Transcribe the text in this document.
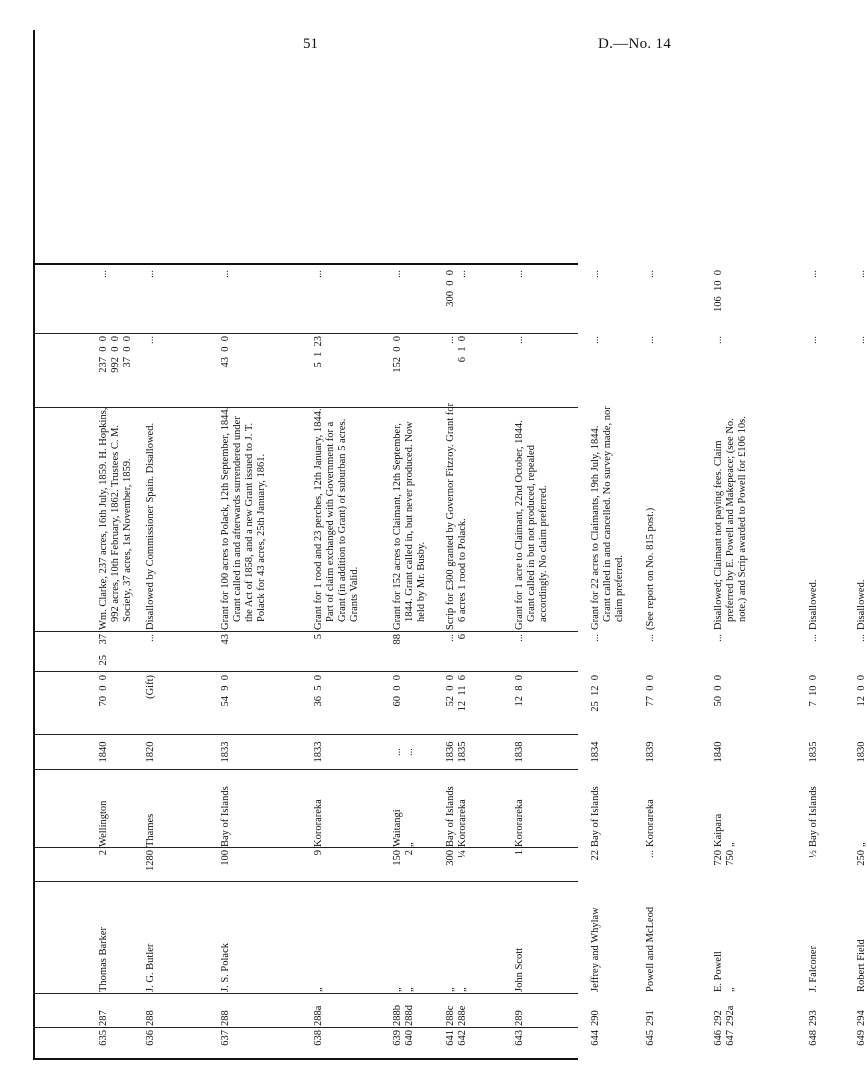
51	D.—No. 14
635
287
Thomas Barker
2
Wellington
1840
70  0  0
25    37
Wm. Clarke, 237 acres, 16th July, 1859. H. Hopkins, 992 acres, 10th February, 1862. Trustees C. M. Society, 37 acres, 1st November, 1859.
237  0  0
992  0  0
37  0  0
...
636
288
J. G. Butler
1280
Thames
1820
(Gift)
...
Disallowed by Commissioner Spain. Disallowed.
...
...
637
288
J. S. Polack
100
Bay of Islands
1833
54  9  0
43
Grant for 100 acres to Polack, 12th September, 1844. Grant called in and afterwards surrendered under the Act of 1858, and a new Grant issued to J. T. Polack for 43 acres, 25th January, 1861.
43  0  0
...
638
288a
„
9
Kororareka
1833
36  5  0
5
Grant for 1 rood and 23 perches, 12th January, 1844. Part of claim exchanged with Government for a Grant (in addition to Grant) of suburban 5 acres. Grants Valid.
5  1  23
...
639
640
288b
288d
„
„
150
2
Waitangi
„
...
...
60  0  0
88
Grant for 152 acres to Claimant, 12th September, 1844. Grant called in, but never produced. Now held by Mr. Busby.
152  0  0
...
641
642
288c
288e
„
„
300
¼
Bay of Islands
Kororareka
1836
1835
52  0  0
12  11  6
...
6
Scrip for £300 granted by Governor Fitzroy. Grant for 6 acres 1 rood to Polack.
...
6  1  0
300  0  0
...
643
289
John Scott
1
Kororareka
1838
12  8  0
...
Grant for 1 acre to Claimant, 22nd October, 1844. Grant called in but not produced, repealed accordingly. No claim preferred.
...
...
644
290
Jeffrey and Whylaw
22
Bay of Islands
1834
25  12  0
...
Grant for 22 acres to Claimants, 19th July, 1844. Grant called in and cancelled. No survey made, nor claim preferred.
...
...
645
291
Powell and McLeod
...
Kororareka
1839
77  0  0
...
(See report on No. 815 post.)
...
...
646
647
292
292a
E. Powell
„
720
750
Kaipara
„
1840
50  0  0
...
Disallowed; Claimant not paying fees. Claim preferred by E. Powell and Makepeace; (see No. note.) and Scrip awarded to Powell for £106 10s.
...
106  10  0
648
293
J. Falconer
½
Bay of Islands
1835
7  10  0
...
Disallowed.
...
...
649
294
Robert Field
250
„
1830
12  0  0
...
Disallowed.
...
...
